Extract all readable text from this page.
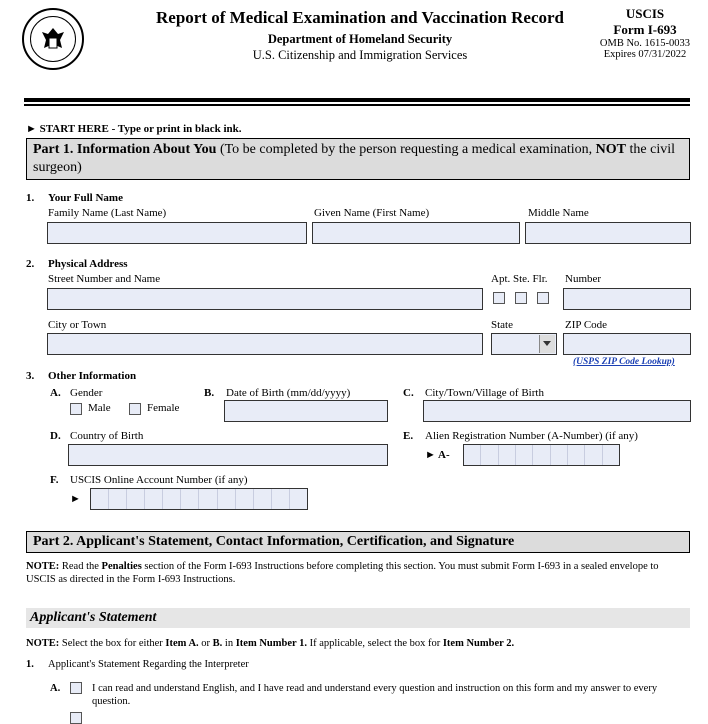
Report of Medical Examination and Vaccination Record
Department of Homeland Security
U.S. Citizenship and Immigration Services
USCIS
Form I-693
OMB No. 1615-0033
Expires 07/31/2022
► START HERE - Type or print in black ink.
Part 1. Information About You (To be completed by the person requesting a medical examination, NOT the civil surgeon)
1. Your Full Name
Family Name (Last Name)	Given Name (First Name)	Middle Name
2. Physical Address
Street Number and Name	Apt. Ste. Flr. Number
City or Town	State	ZIP Code
(USPS ZIP Code Lookup)
3. Other Information
A. Gender
Male	Female
B. Date of Birth (mm/dd/yyyy)	C. City/Town/Village of Birth
D. Country of Birth	E. Alien Registration Number (A-Number) (if any)
► A-
F. USCIS Online Account Number (if any)
►
Part 2. Applicant's Statement, Contact Information, Certification, and Signature
NOTE: Read the Penalties section of the Form I-693 Instructions before completing this section. You must submit Form I-693 in a sealed envelope to USCIS as directed in the Form I-693 Instructions.
Applicant's Statement
NOTE: Select the box for either Item A. or B. in Item Number 1. If applicable, select the box for Item Number 2.
1. Applicant's Statement Regarding the Interpreter
A.	I can read and understand English, and I have read and understand every question and instruction on this form and my answer to every question.
